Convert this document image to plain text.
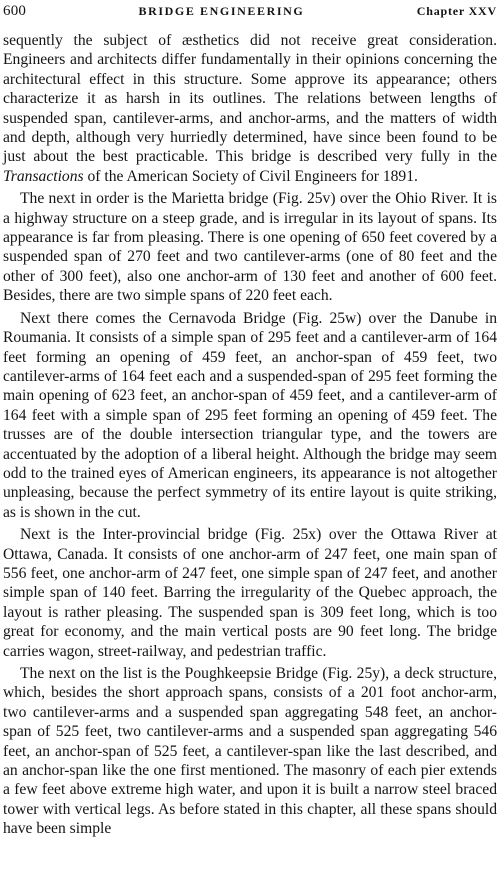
600	BRIDGE ENGINEERING	Chapter XXV

sequently the subject of æsthetics did not receive great consideration. Engineers and architects differ fundamentally in their opinions concerning the architectural effect in this structure. Some approve its appearance; others characterize it as harsh in its outlines. The relations between lengths of suspended span, cantilever-arms, and anchor-arms, and the matters of width and depth, although very hurriedly determined, have since been found to be just about the best practicable. This bridge is described very fully in the Transactions of the American Society of Civil Engineers for 1891.

The next in order is the Marietta bridge (Fig. 25v) over the Ohio River. It is a highway structure on a steep grade, and is irregular in its layout of spans. Its appearance is far from pleasing. There is one opening of 650 feet covered by a suspended span of 270 feet and two cantilever-arms (one of 80 feet and the other of 300 feet), also one anchor-arm of 130 feet and another of 600 feet. Besides, there are two simple spans of 220 feet each.

Next there comes the Cernavoda Bridge (Fig. 25w) over the Danube in Roumania. It consists of a simple span of 295 feet and a cantilever-arm of 164 feet forming an opening of 459 feet, an anchor-span of 459 feet, two cantilever-arms of 164 feet each and a suspended-span of 295 feet forming the main opening of 623 feet, an anchor-span of 459 feet, and a cantilever-arm of 164 feet with a simple span of 295 feet forming an opening of 459 feet. The trusses are of the double intersection triangular type, and the towers are accentuated by the adoption of a liberal height. Although the bridge may seem odd to the trained eyes of American engineers, its appearance is not altogether unpleasing, because the perfect symmetry of its entire layout is quite striking, as is shown in the cut.

Next is the Inter-provincial bridge (Fig. 25x) over the Ottawa River at Ottawa, Canada. It consists of one anchor-arm of 247 feet, one main span of 556 feet, one anchor-arm of 247 feet, one simple span of 247 feet, and another simple span of 140 feet. Barring the irregularity of the Quebec approach, the layout is rather pleasing. The suspended span is 309 feet long, which is too great for economy, and the main vertical posts are 90 feet long. The bridge carries wagon, street-railway, and pedestrian traffic.

The next on the list is the Poughkeepsie Bridge (Fig. 25y), a deck structure, which, besides the short approach spans, consists of a 201 foot anchor-arm, two cantilever-arms and a suspended span aggregating 548 feet, an anchor-span of 525 feet, two cantilever-arms and a suspended span aggregating 546 feet, an anchor-span of 525 feet, a cantilever-span like the last described, and an anchor-span like the one first mentioned. The masonry of each pier extends a few feet above extreme high water, and upon it is built a narrow steel braced tower with vertical legs. As before stated in this chapter, all these spans should have been simple
